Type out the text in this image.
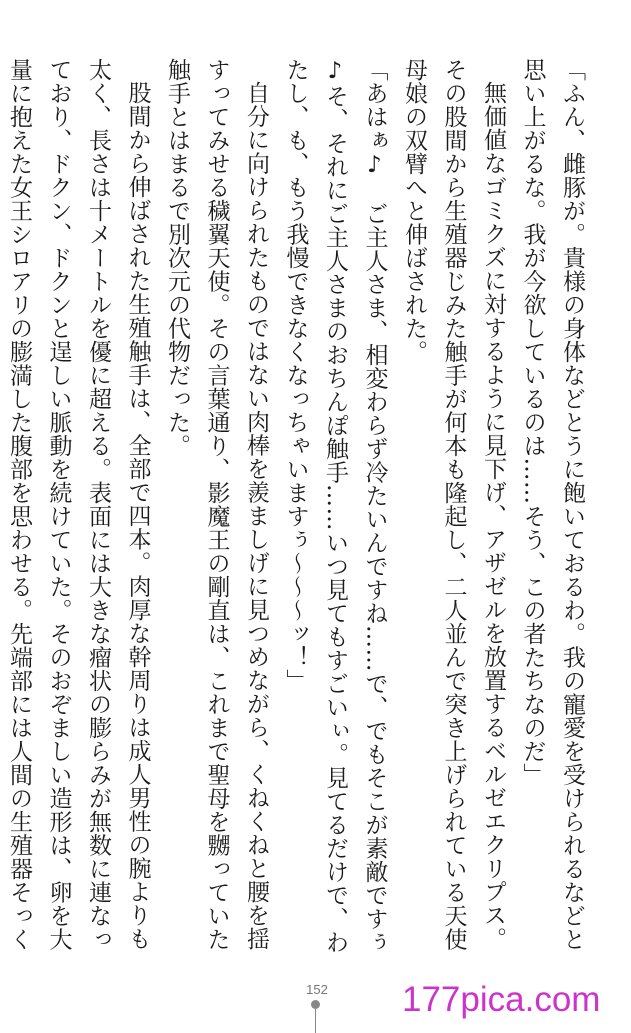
「ふん、雌豚が。貴様の身体などとうに飽いておるわ。我の寵愛を受けられるなどと思い上がるな。我が今欲しているのは……そう、この者たちなのだ」

無価値なゴミクズに対するように見下げ、アザゼルを放置するベルゼエクリプス。その股間から生殖器じみた触手が何本も隆起し、二人並んで突き上げられている天使母娘の双臂へと伸ばされた。

「あはぁ♪　ご主人さま、相変わらず冷たいんですね……で、でもそこが素敵ですぅ♪そ、それにご主人さまのおちんぽ触手……いつ見てもすごいぃ。見てるだけで、わたし、も、もう我慢できなくなっちゃいますぅ～～～ッ！」

自分に向けられたものではない肉棒を羨ましげに見つめながら、くねくねと腰を揺すってみせる穢翼天使。その言葉通り、影魔王の剛直は、これまで聖母を嬲っていた触手とはまるで別次元の代物だった。

股間から伸ばされた生殖触手は、全部で四本。肉厚な幹周りは成人男性の腕よりも太く、長さは十メートルを優に超える。表面には大きな瘤状の膨らみが無数に連なっており、ドクン、ドクンと逞しい脈動を続けていた。そのおぞましい造形は、卵を大量に抱えた女王シロアリの膨満した腹部を思わせる。先端部には人間の生殖器そっく

152 177pica.com
